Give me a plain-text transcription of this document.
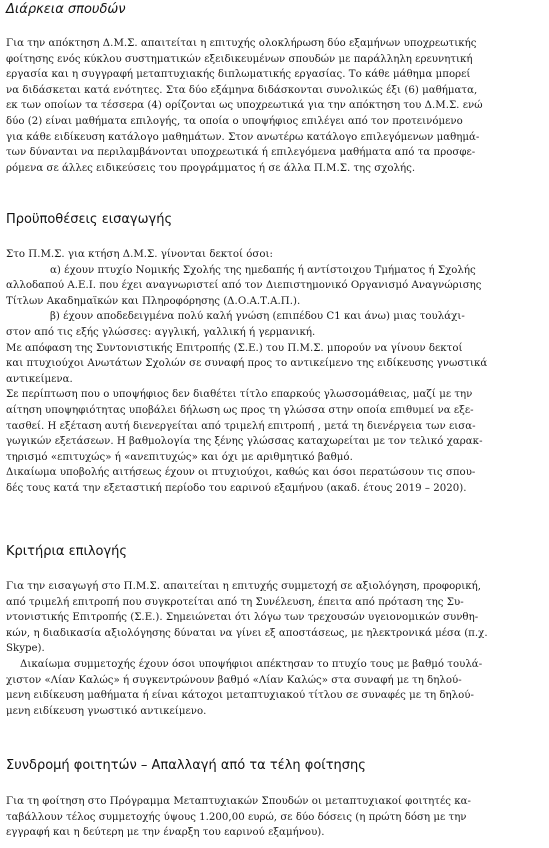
Διάρκεια σπουδών
Για την απόκτηση Δ.Μ.Σ. απαιτείται η επιτυχής ολοκλήρωση δύο εξαμήνων υποχρεωτικής
φοίτησης ενός κύκλου συστηματικών εξειδικευμένων σπουδών με παράλληλη ερευνητική
εργασία και η συγγραφή μεταπτυχιακής διπλωματικής εργασίας. Το κάθε μάθημα μπορεί
να διδάσκεται κατά ενότητες. Στα δύο εξάμηνα διδάσκονται συνολικώς έξι (6) μαθήματα,
εκ των οποίων τα τέσσερα (4) ορίζονται ως υποχρεωτικά για την απόκτηση του Δ.Μ.Σ. ενώ
δύο (2) είναι μαθήματα επιλογής, τα οποία ο υποψήφιος επιλέγει από τον προτεινόμενο
για κάθε ειδίκευση κατάλογο μαθημάτων. Στον ανωτέρω κατάλογο επιλεγόμενων μαθημά-
των δύνανται να περιλαμβάνονται υποχρεωτικά ή επιλεγόμενα μαθήματα από τα προσφε-
ρόμενα σε άλλες ειδικεύσεις του προγράμματος ή σε άλλα Π.Μ.Σ. της σχολής.
Προϋποθέσεις εισαγωγής
Στο Π.Μ.Σ. για κτήση Δ.Μ.Σ. γίνονται δεκτοί όσοι:
α) έχουν πτυχίο Νομικής Σχολής της ημεδαπής ή αντίστοιχου Τμήματος ή Σχολής
αλλοδαπού Α.Ε.Ι. που έχει αναγνωριστεί από τον Διεπιστημονικό Οργανισμό Αναγνώρισης
Τίτλων Ακαδημαϊκών και Πληροφόρησης (Δ.Ο.Α.Τ.Α.Π.).
β) έχουν αποδεδειγμένα πολύ καλή γνώση (επιπέδου C1 και άνω) μιας τουλάχι-
στον από τις εξής γλώσσες: αγγλική, γαλλική ή γερμανική.
Με απόφαση της Συντονιστικής Επιτροπής (Σ.Ε.) του Π.Μ.Σ. μπορούν να γίνουν δεκτοί
και πτυχιούχοι Ανωτάτων Σχολών σε συναφή προς το αντικείμενο της ειδίκευσης γνωστικά
αντικείμενα.
Σε περίπτωση που ο υποψήφιος δεν διαθέτει τίτλο επαρκούς γλωσσομάθειας, μαζί με την
αίτηση υποψηφιότητας υποβάλει δήλωση ως προς τη γλώσσα στην οποία επιθυμεί να εξε-
τασθεί. Η εξέταση αυτή διενεργείται από τριμελή επιτροπή , μετά τη διενέργεια των εισα-
γωγικών εξετάσεων. Η βαθμολογία της ξένης γλώσσας καταχωρείται με τον τελικό χαρακ-
τηρισμό «επιτυχώς» ή «ανεπιτυχώς» και όχι με αριθμητικό βαθμό.
Δικαίωμα υποβολής αιτήσεως έχουν οι πτυχιούχοι, καθώς και όσοι περατώσουν τις σπου-
δές τους κατά την εξεταστική περίοδο του εαρινού εξαμήνου (ακαδ. έτους 2019 – 2020).
Κριτήρια επιλογής
Για την εισαγωγή στο Π.Μ.Σ. απαιτείται η επιτυχής συμμετοχή σε αξιολόγηση, προφορική,
από τριμελή επιτροπή που συγκροτείται από τη Συνέλευση, έπειτα από πρόταση της Συ-
ντονιστικής Επιτροπής (Σ.Ε.). Σημειώνεται ότι λόγω των τρεχουσών υγειονομικών συνθη-
κών, η διαδικασία αξιολόγησης δύναται να γίνει εξ αποστάσεως, με ηλεκτρονικά μέσα (π.χ.
Skype).
Δικαίωμα συμμετοχής έχουν όσοι υποψήφιοι απέκτησαν το πτυχίο τους με βαθμό τουλά-
χιστον «Λίαν Καλώς» ή συγκεντρώνουν βαθμό «Λίαν Καλώς» στα συναφή με τη δηλού-
μενη ειδίκευση μαθήματα ή είναι κάτοχοι μεταπτυχιακού τίτλου σε συναφές με τη δηλού-
μενη ειδίκευση γνωστικό αντικείμενο.
Συνδρομή φοιτητών – Απαλλαγή από τα τέλη φοίτησης
Για τη φοίτηση στο Πρόγραμμα Μεταπτυχιακών Σπουδών οι μεταπτυχιακοί φοιτητές κα-
ταβάλλουν τέλος συμμετοχής ύψους 1.200,00 ευρώ, σε δύο δόσεις (η πρώτη δόση με την
εγγραφή και η δεύτερη με την έναρξη του εαρινού εξαμήνου).
